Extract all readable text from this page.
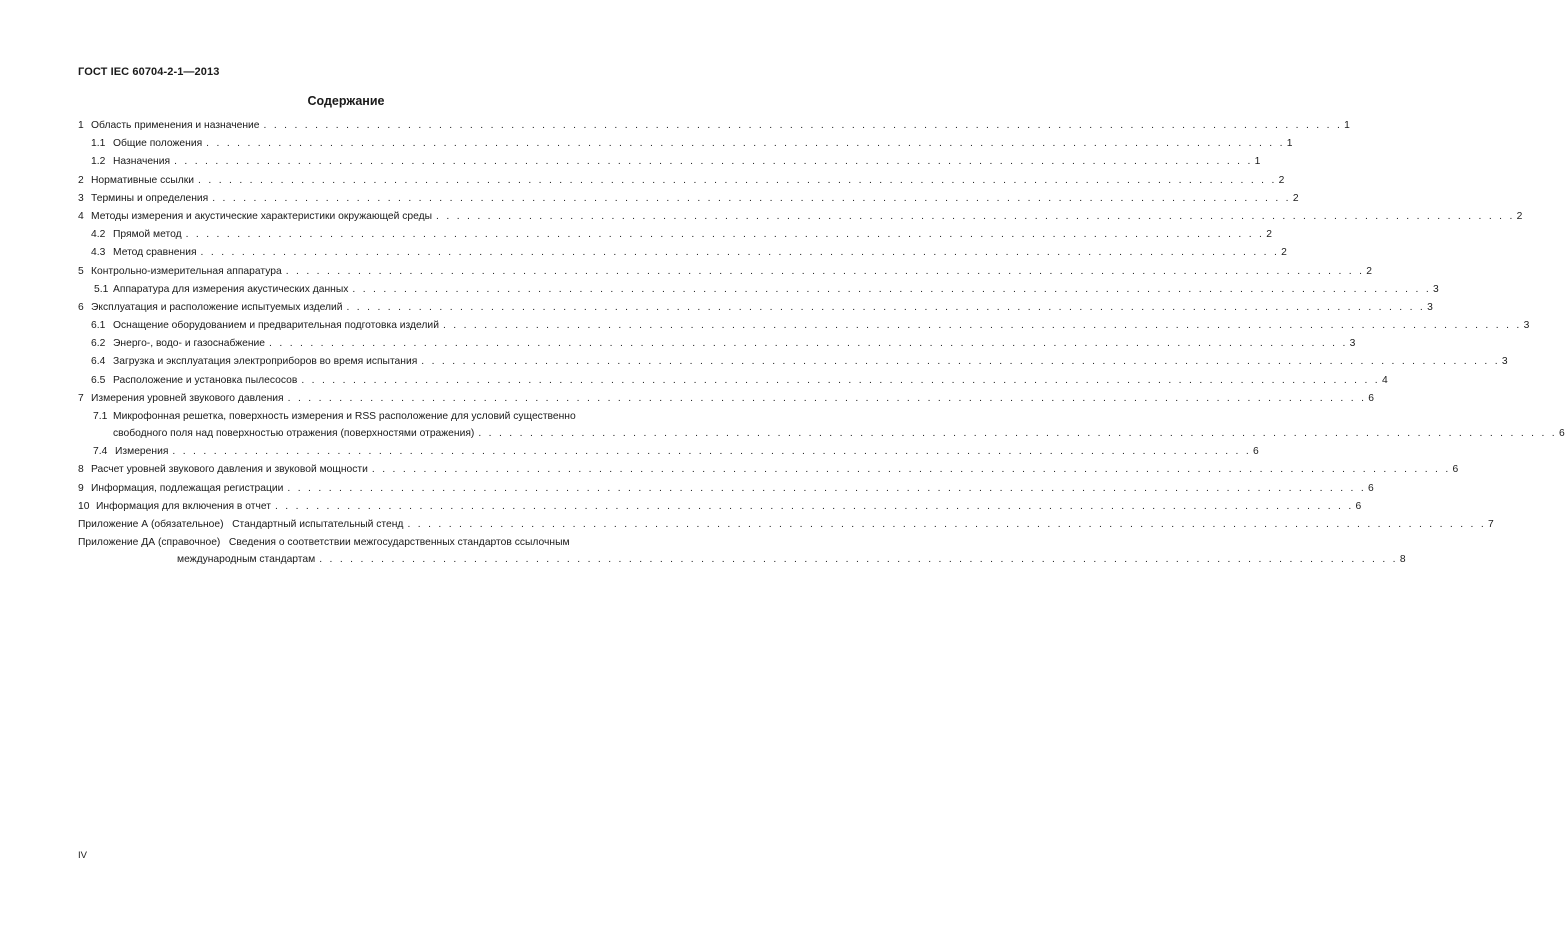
ГОСТ IEC 60704-2-1—2013
Содержание
1 Область применения и назначение . . .	1
1.1 Общие положения . . .	1
1.2 Назначения . . .	1
2 Нормативные ссылки . . .	2
3 Термины и определения . . .	2
4 Методы измерения и акустические характеристики окружающей среды . . .	2
4.2 Прямой метод . . .	2
4.3 Метод сравнения . . .	2
5 Контрольно-измерительная аппаратура . . .	2
5.1 Аппаратура для измерения акустических данных . . .	3
6 Эксплуатация и расположение испытуемых изделий . . .	3
6.1 Оснащение оборудованием и предварительная подготовка изделий . . .	3
6.2 Энерго-, водо- и газоснабжение . . .	3
6.4 Загрузка и эксплуатация электроприборов во время испытания . . .	3
6.5 Расположение и установка пылесосов . . .	4
7 Измерения уровней звукового давления . . .	6
7.1 Микрофонная решетка, поверхность измерения и RSS расположение для условий существенно
свободного поля над поверхностью отражения (поверхностями отражения) . . .	6
7.4 Измерения . . .	6
8 Расчет уровней звукового давления и звуковой мощности . . .	6
9 Информация, подлежащая регистрации . . .	6
10 Информация для включения в отчет . . .	6
Приложение А (обязательное)   Стандартный испытательный стенд . . .	7
Приложение ДА (справочное)   Сведения о соответствии межгосударственных стандартов ссылочным
международным стандартам . . .	8
IV
